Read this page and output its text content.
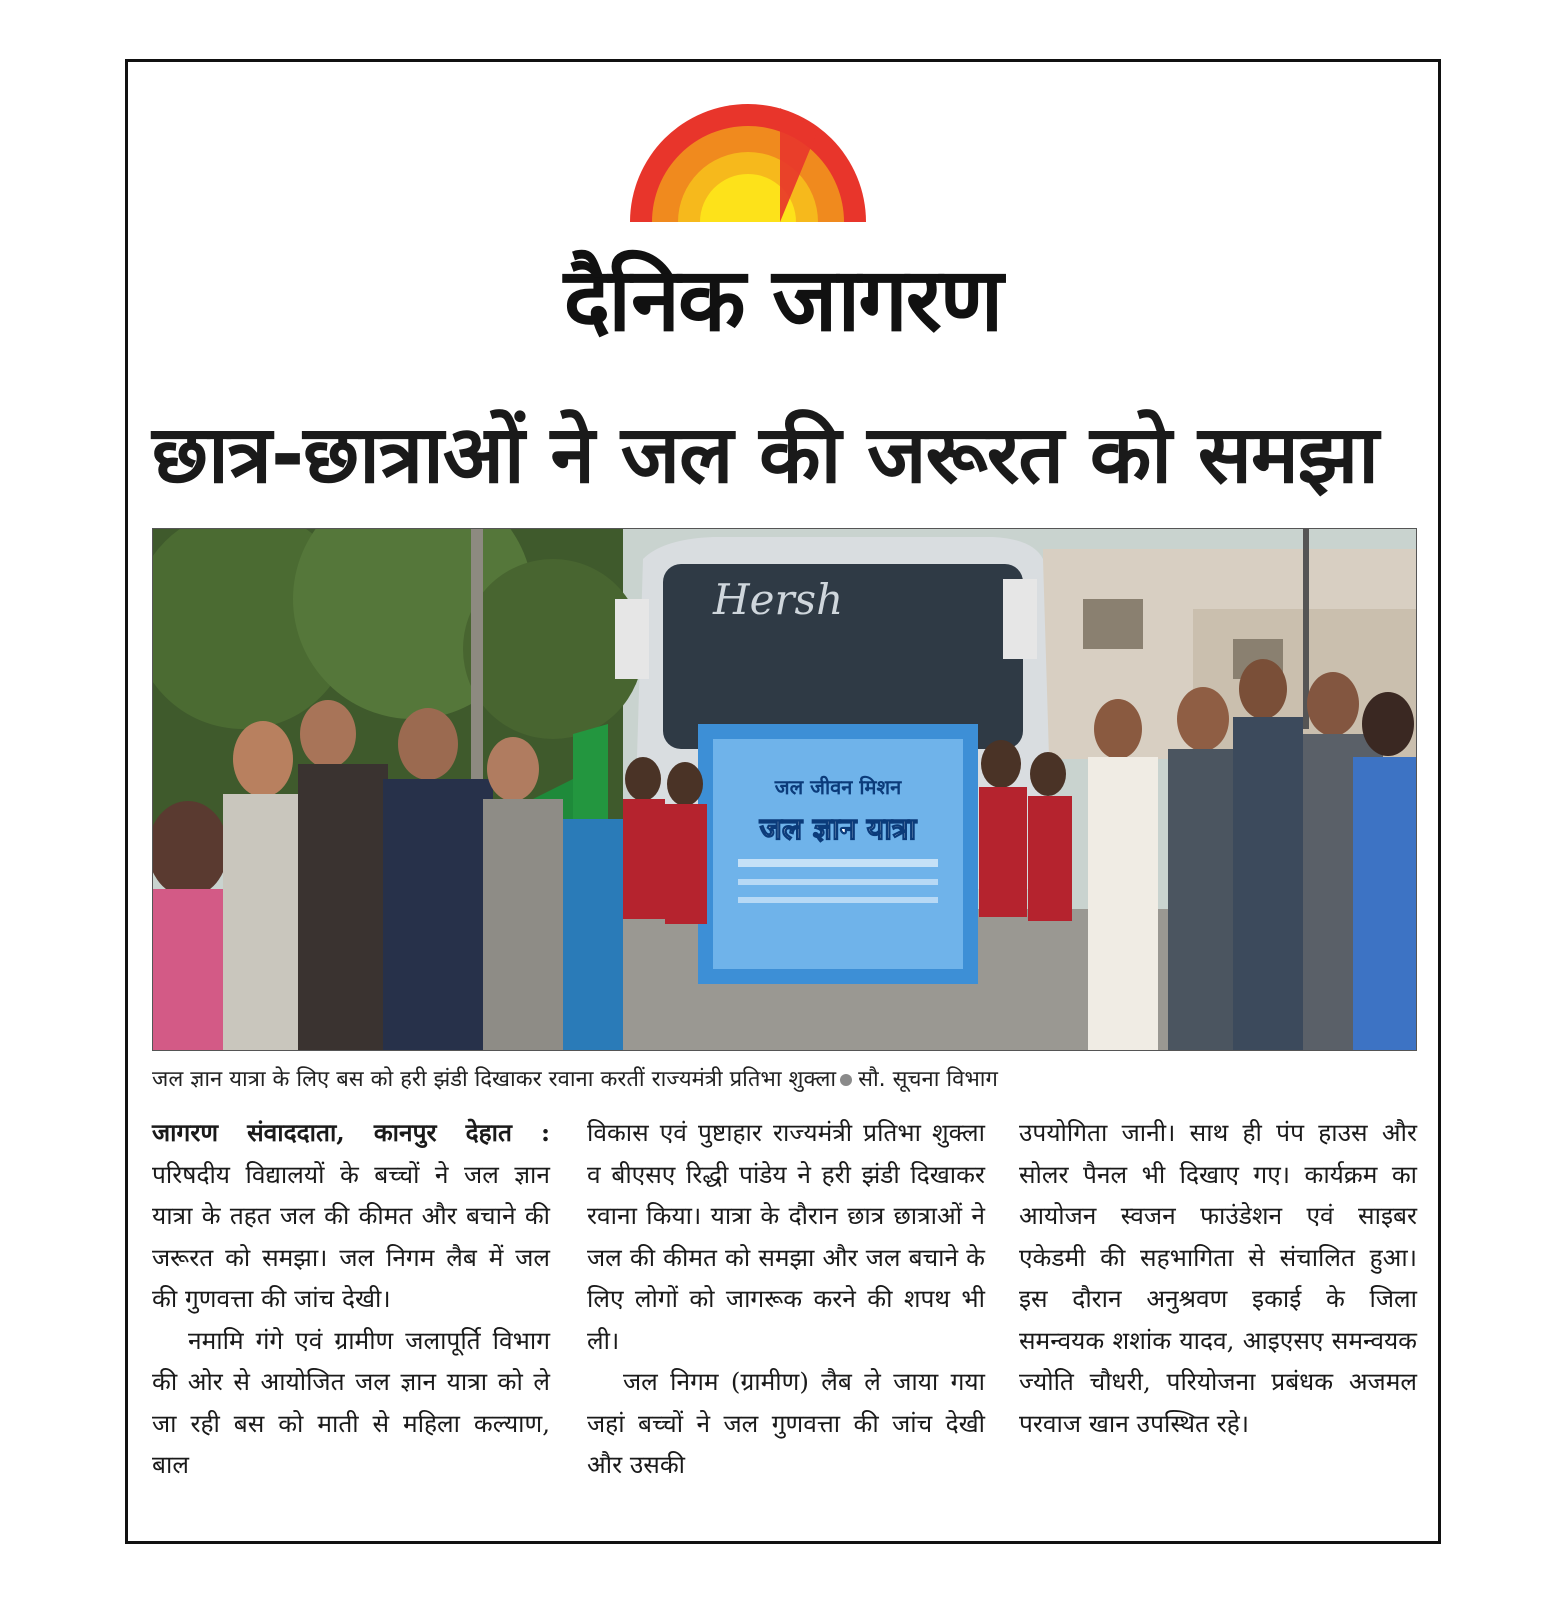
दैनिक जागरण
छात्र-छात्राओं ने जल की जरूरत को समझा
Hersh
जल जीवन मिशन
जल ज्ञान यात्रा
जल ज्ञान यात्रा के लिए बस को हरी झंडी दिखाकर रवाना करतीं राज्यमंत्री प्रतिभा शुक्ला सौ. सूचना विभाग

जागरण संवाददाता, कानपुर देहात : परिषदीय विद्यालयों के बच्चों ने जल ज्ञान यात्रा के तहत जल की कीमत और बचाने की जरूरत को समझा। जल निगम लैब में जल की गुणवत्ता की जांच देखी।

नमामि गंगे एवं ग्रामीण जलापूर्ति विभाग की ओर से आयोजित जल ज्ञान यात्रा को ले जा रही बस को माती से महिला कल्याण, बाल

विकास एवं पुष्टाहार राज्यमंत्री प्रतिभा शुक्ला व बीएसए रिद्धी पांडेय ने हरी झंडी दिखाकर रवाना किया। यात्रा के दौरान छात्र छात्राओं ने जल की कीमत को समझा और जल बचाने के लिए लोगों को जागरूक करने की शपथ भी ली।

जल निगम (ग्रामीण) लैब ले जाया गया जहां बच्चों ने जल गुणवत्ता की जांच देखी और उसकी

उपयोगिता जानी। साथ ही पंप हाउस और सोलर पैनल भी दिखाए गए। कार्यक्रम का आयोजन स्वजन फाउंडेशन एवं साइबर एकेडमी की सहभागिता से संचालित हुआ। इस दौरान अनुश्रवण इकाई के जिला समन्वयक शशांक यादव, आइएसए समन्वयक ज्योति चौधरी, परियोजना प्रबंधक अजमल परवाज खान उपस्थित रहे।
